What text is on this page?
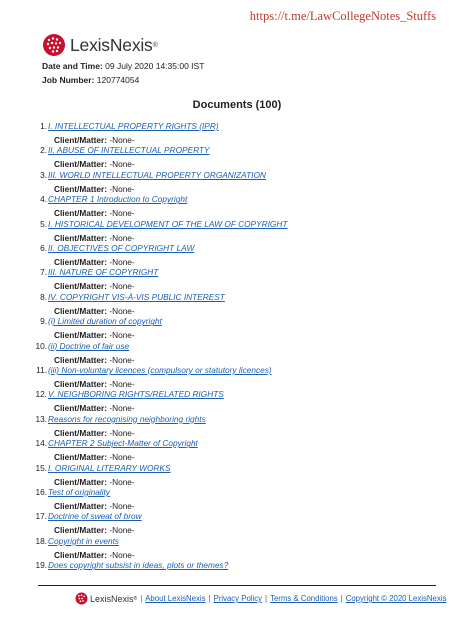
https://t.me/LawCollegeNotes_Stuffs
LexisNexis ®
Date and Time: 09 July 2020 14:35:00 IST
Job Number: 120774054
Documents (100)
1. I. INTELLECTUAL PROPERTY RIGHTS (IPR)
Client/Matter: -None-
2. II. ABUSE OF INTELLECTUAL PROPERTY
Client/Matter: -None-
3. III. WORLD INTELLECTUAL PROPERTY ORGANIZATION
Client/Matter: -None-
4. CHAPTER 1 Introduction to Copyright
Client/Matter: -None-
5. I. HISTORICAL DEVELOPMENT OF THE LAW OF COPYRIGHT
Client/Matter: -None-
6. II. OBJECTIVES OF COPYRIGHT LAW
Client/Matter: -None-
7. III. NATURE OF COPYRIGHT
Client/Matter: -None-
8. IV. COPYRIGHT VIS-À-VIS PUBLIC INTEREST
Client/Matter: -None-
9. (i) Limited duration of copyright
Client/Matter: -None-
10. (ii) Doctrine of fair use
Client/Matter: -None-
11. (iii) Non-voluntary licences (compulsory or statutory licences)
Client/Matter: -None-
12. V. NEIGHBORING RIGHTS/RELATED RIGHTS
Client/Matter: -None-
13. Reasons for recognising neighboring rights
Client/Matter: -None-
14. CHAPTER 2 Subject-Matter of Copyright
Client/Matter: -None-
15. I. ORIGINAL LITERARY WORKS
Client/Matter: -None-
16. Test of originality
Client/Matter: -None-
17. Doctrine of sweat of brow
Client/Matter: -None-
18. Copyright in events
Client/Matter: -None-
19. Does copyright subsist in ideas, plots or themes?
LexisNexis ® | About LexisNexis | Privacy Policy | Terms & Conditions | Copyright © 2020 LexisNexis
